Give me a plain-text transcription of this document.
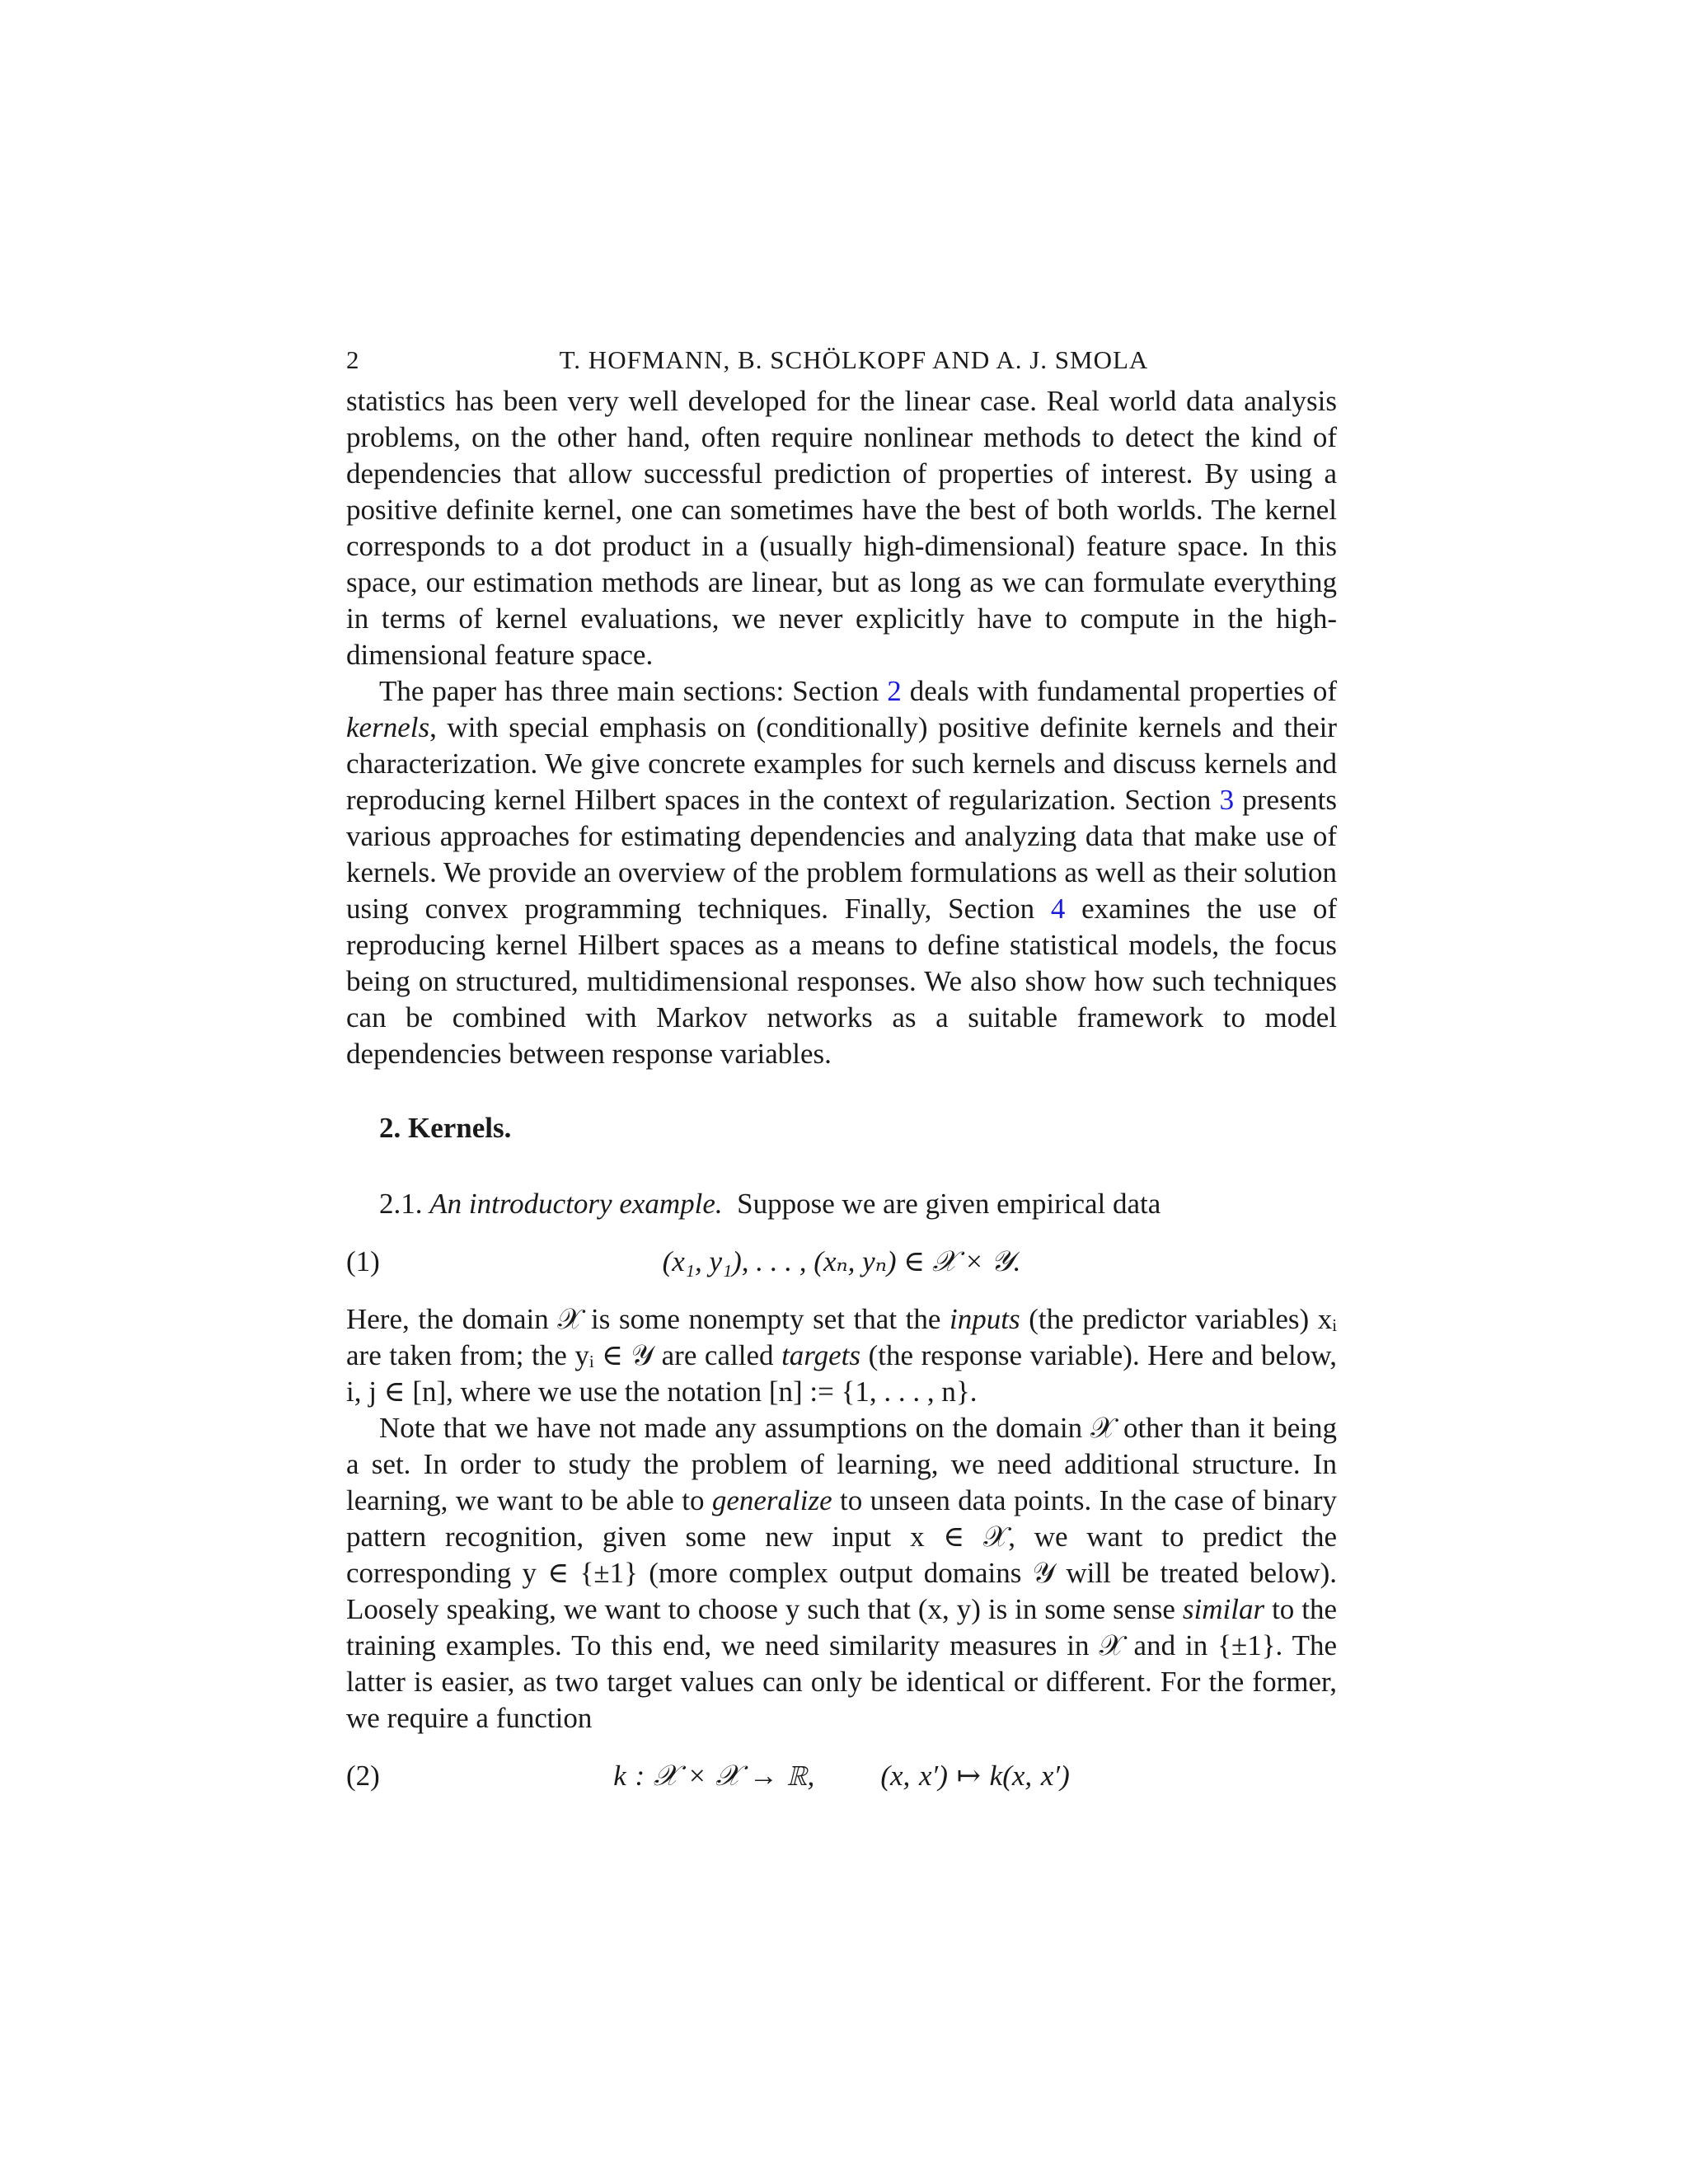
2	T. HOFMANN, B. SCHÖLKOPF AND A. J. SMOLA

statistics has been very well developed for the linear case. Real world data analysis problems, on the other hand, often require nonlinear methods to detect the kind of dependencies that allow successful prediction of properties of interest. By using a positive definite kernel, one can sometimes have the best of both worlds. The kernel corresponds to a dot product in a (usually high-dimensional) feature space. In this space, our estimation methods are linear, but as long as we can formulate everything in terms of kernel evaluations, we never explicitly have to compute in the high-dimensional feature space.

The paper has three main sections: Section 2 deals with fundamental properties of kernels, with special emphasis on (conditionally) positive definite kernels and their characterization. We give concrete examples for such kernels and discuss kernels and reproducing kernel Hilbert spaces in the context of regularization. Section 3 presents various approaches for estimating dependencies and analyzing data that make use of kernels. We provide an overview of the problem formulations as well as their solution using convex programming techniques. Finally, Section 4 examines the use of reproducing kernel Hilbert spaces as a means to define statistical models, the focus being on structured, multidimensional responses. We also show how such techniques can be combined with Markov networks as a suitable framework to model dependencies between response variables.

2. Kernels.
2.1. An introductory example.  Suppose we are given empirical data
(1)	(x₁, y₁), . . . , (xₙ, yₙ) ∈ 𝒳 × 𝒴.

Here, the domain 𝒳 is some nonempty set that the inputs (the predictor variables) xᵢ are taken from; the yᵢ ∈ 𝒴 are called targets (the response variable). Here and below, i, j ∈ [n], where we use the notation [n] := {1, . . . , n}.

Note that we have not made any assumptions on the domain 𝒳 other than it being a set. In order to study the problem of learning, we need additional structure. In learning, we want to be able to generalize to unseen data points. In the case of binary pattern recognition, given some new input x ∈ 𝒳, we want to predict the corresponding y ∈ {±1} (more complex output domains 𝒴 will be treated below). Loosely speaking, we want to choose y such that (x, y) is in some sense similar to the training examples. To this end, we need similarity measures in 𝒳 and in {±1}. The latter is easier, as two target values can only be identical or different. For the former, we require a function

(2)	k : 𝒳 × 𝒳 → ℝ, (x, x′) ↦ k(x, x′)
